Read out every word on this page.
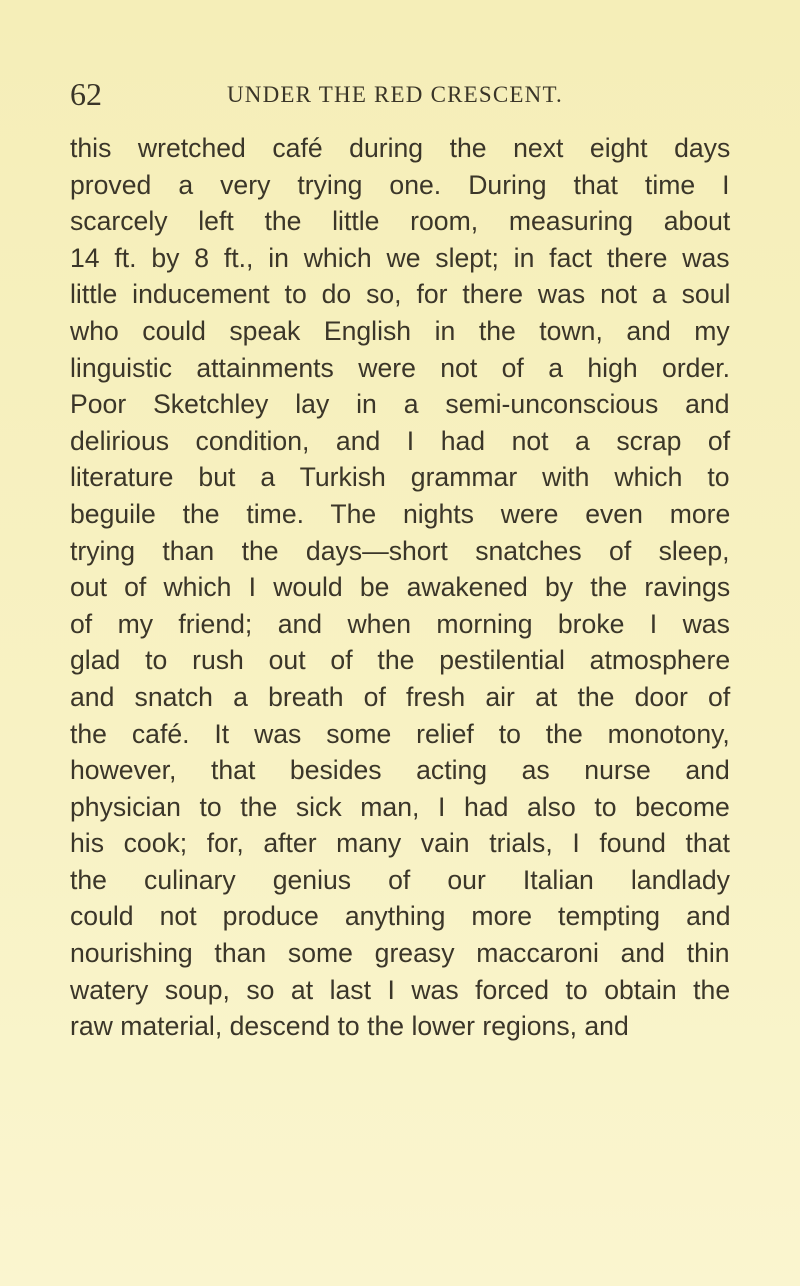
62	UNDER THE RED CRESCENT.
this wretched café during the next eight days
proved a very trying one. During that time I
scarcely left the little room, measuring about
14 ft. by 8 ft., in which we slept; in fact there was
little inducement to do so, for there was not a soul
who could speak English in the town, and my
linguistic attainments were not of a high order.
Poor Sketchley lay in a semi-unconscious and
delirious condition, and I had not a scrap of
literature but a Turkish grammar with which to
beguile the time. The nights were even more
trying than the days—short snatches of sleep,
out of which I would be awakened by the ravings
of my friend; and when morning broke I was
glad to rush out of the pestilential atmosphere
and snatch a breath of fresh air at the door of
the café. It was some relief to the monotony,
however, that besides acting as nurse and
physician to the sick man, I had also to become
his cook; for, after many vain trials, I found that
the culinary genius of our Italian landlady
could not produce anything more tempting and
nourishing than some greasy maccaroni and thin
watery soup, so at last I was forced to obtain the
raw material, descend to the lower regions, and
